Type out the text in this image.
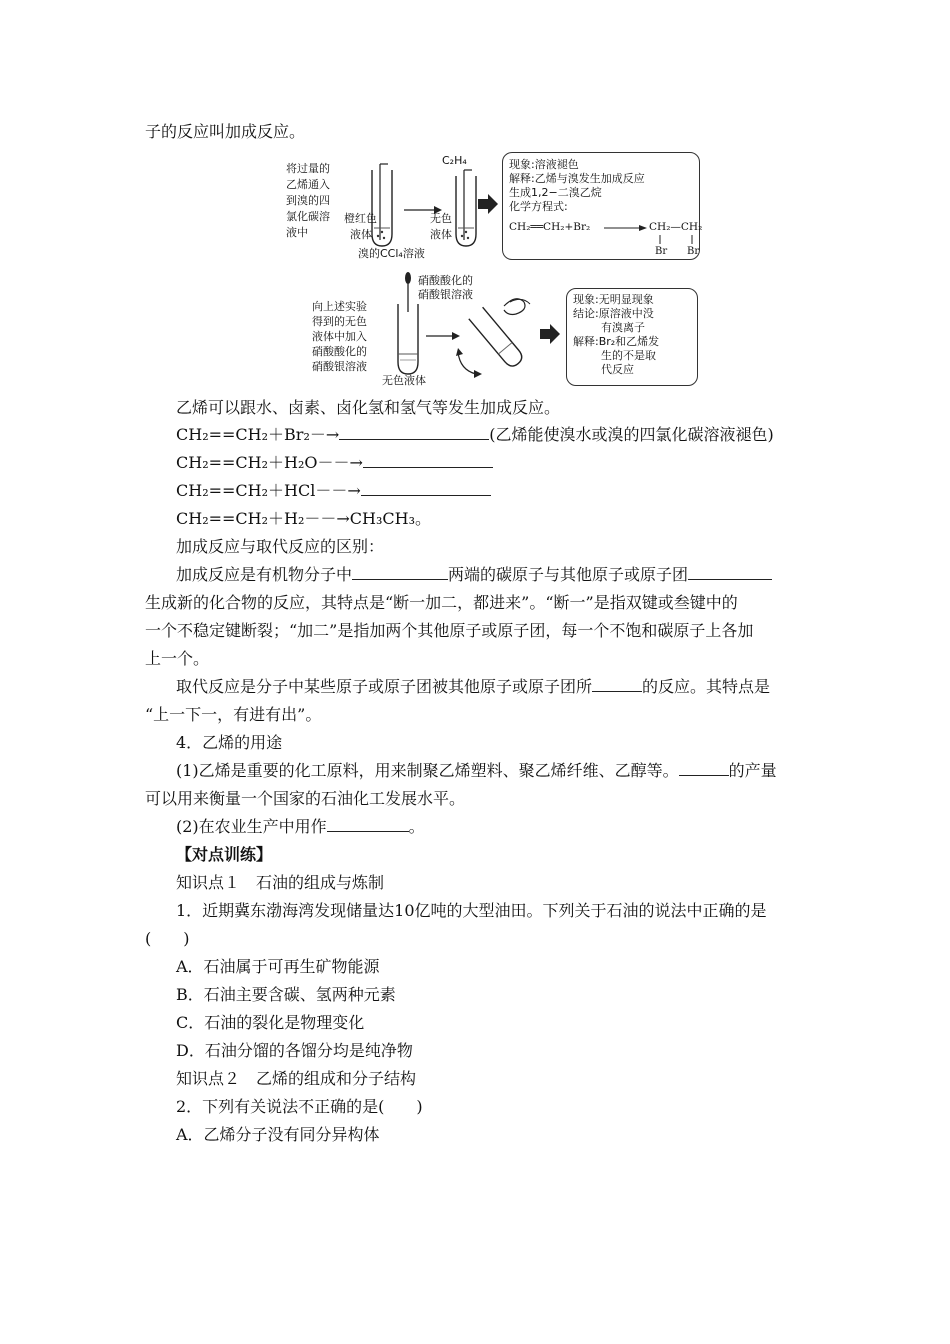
子的反应叫加成反应。
将过量的
乙烯通入
到溴的四
氯化碳溶
液中
橙红色
液体
无色
液体
溴的CCl₄溶液
C₂H₄	现象:溶液褪色
解释:乙烯与溴发生加成反应
生成1,2−二溴乙烷
化学方程式:
CH₂══CH₂+Br₂	CH₂—CH₂
Br Br
向上述实验
得到的无色
液体中加入
硝酸酸化的
硝酸银溶液
硝酸酸化的
硝酸银溶液
无色液体
现象:无明显现象
结论:原溶液中没
有溴离子
解释:Br₂和乙烯发
生的不是取
代反应
乙烯可以跟水、卤素、卤化氢和氢气等发生加成反应。
CH₂==CH₂＋Br₂－→	(乙烯能使溴水或溴的四氯化碳溶液褪色)
CH₂==CH₂＋H₂O－－→
CH₂==CH₂＋HCl－－→
CH₂==CH₂＋H₂－－→CH₃CH₃。
加成反应与取代反应的区别：
加成反应是有机物分子中	两端的碳原子与其他原子或原子团
生成新的化合物的反应，其特点是“断一加二，都进来”。“断一”是指双键或叁键中的
一个不稳定键断裂；“加二”是指加两个其他原子或原子团，每一个不饱和碳原子上各加
上一个。
取代反应是分子中某些原子或原子团被其他原子或原子团所	的反应。其特点是
“上一下一，有进有出”。
4．乙烯的用途
(1)乙烯是重要的化工原料，用来制聚乙烯塑料、聚乙烯纤维、乙醇等。	的产量
可以用来衡量一个国家的石油化工发展水平。
(2)在农业生产中用作	。
【对点训练】
知识点１　石油的组成与炼制
1．近期冀东渤海湾发现储量达10亿吨的大型油田。下列关于石油的说法中正确的是
(　　)
A．石油属于可再生矿物能源
B．石油主要含碳、氢两种元素
C．石油的裂化是物理变化
D．石油分馏的各馏分均是纯净物
知识点２　乙烯的组成和分子结构
2．下列有关说法不正确的是(　　)
A．乙烯分子没有同分异构体
